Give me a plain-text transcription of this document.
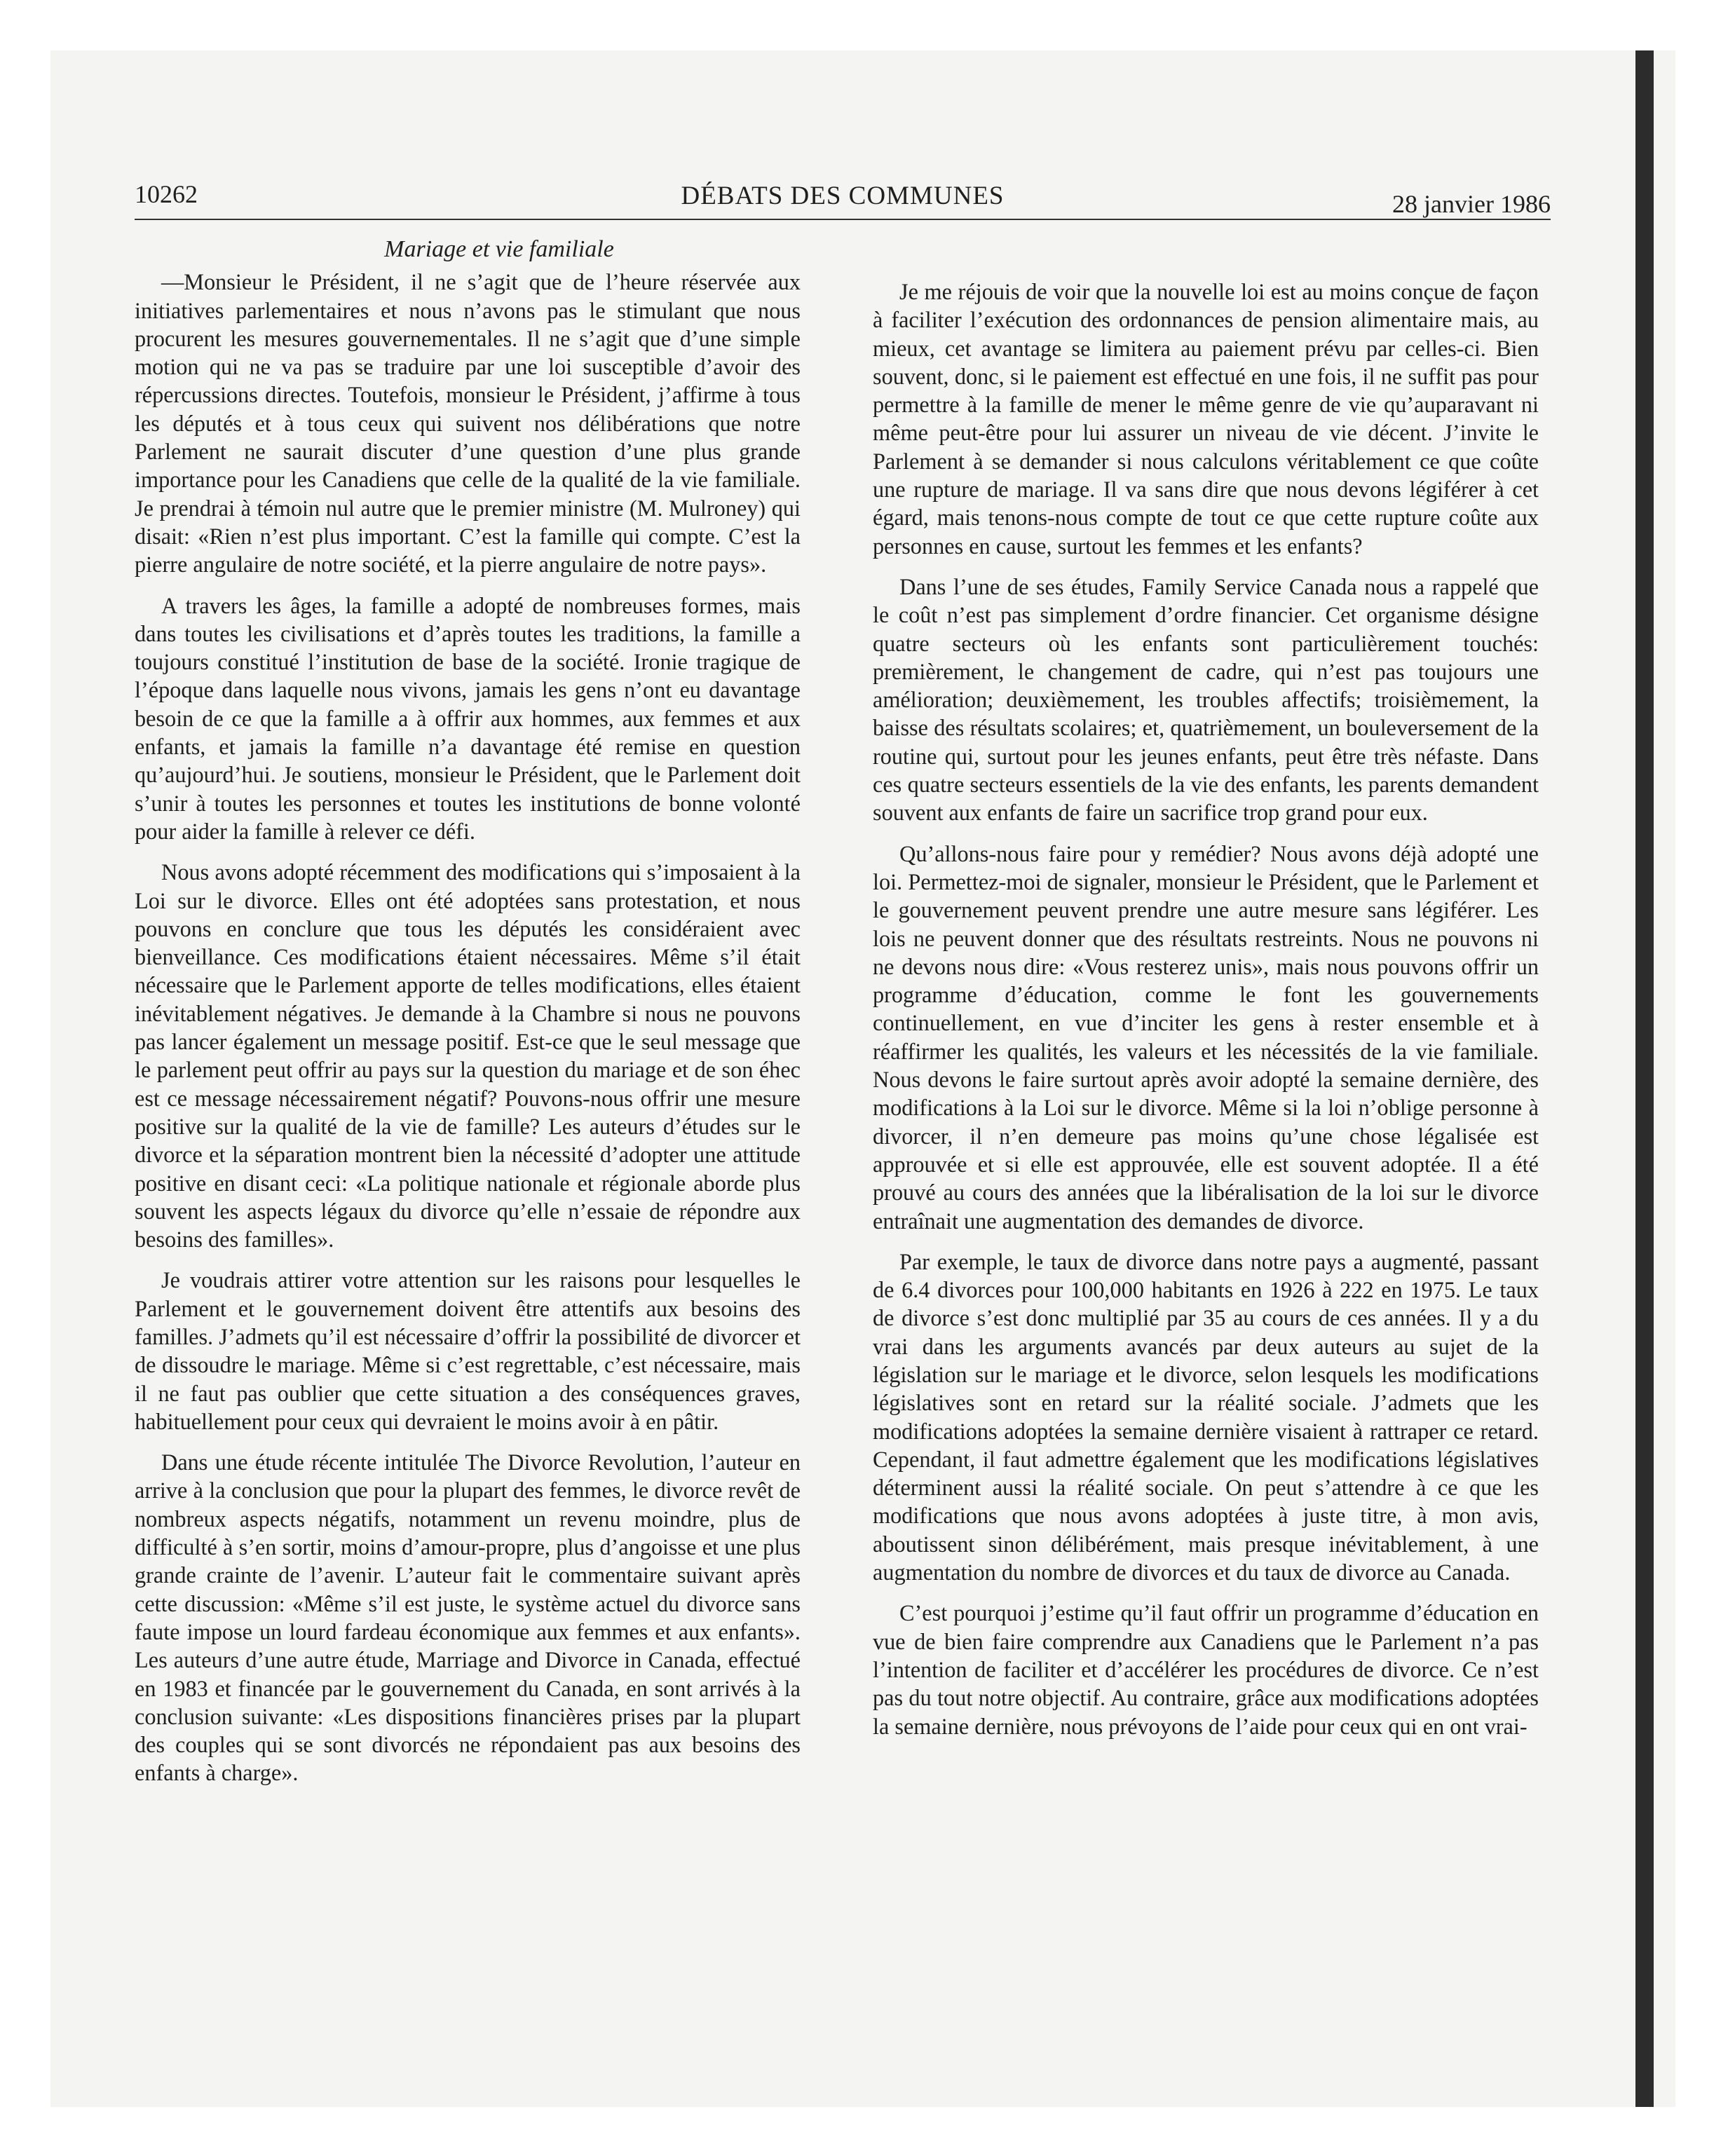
10262	DÉBATS DES COMMUNES	28 janvier 1986
Mariage et vie familiale

—Monsieur le Président, il ne s’agit que de l’heure réservée aux initiatives parlementaires et nous n’avons pas le stimulant que nous procurent les mesures gouvernementales. Il ne s’agit que d’une simple motion qui ne va pas se traduire par une loi susceptible d’avoir des répercussions directes. Toutefois, monsieur le Président, j’affirme à tous les députés et à tous ceux qui suivent nos délibérations que notre Parlement ne saurait discuter d’une question d’une plus grande importance pour les Canadiens que celle de la qualité de la vie familiale. Je prendrai à témoin nul autre que le premier ministre (M. Mulroney) qui disait: «Rien n’est plus important. C’est la famille qui compte. C’est la pierre angulaire de notre société, et la pierre angulaire de notre pays».

A travers les âges, la famille a adopté de nombreuses formes, mais dans toutes les civilisations et d’après toutes les traditions, la famille a toujours constitué l’institution de base de la société. Ironie tragique de l’époque dans laquelle nous vivons, jamais les gens n’ont eu davantage besoin de ce que la famille a à offrir aux hommes, aux femmes et aux enfants, et jamais la famille n’a davantage été remise en question qu’aujourd’hui. Je soutiens, monsieur le Président, que le Parlement doit s’unir à toutes les personnes et toutes les institutions de bonne volonté pour aider la famille à relever ce défi.

Nous avons adopté récemment des modifications qui s’imposaient à la Loi sur le divorce. Elles ont été adoptées sans protestation, et nous pouvons en conclure que tous les députés les considéraient avec bienveillance. Ces modifications étaient nécessaires. Même s’il était nécessaire que le Parlement apporte de telles modifications, elles étaient inévitablement négatives. Je demande à la Chambre si nous ne pouvons pas lancer également un message positif. Est-ce que le seul message que le parlement peut offrir au pays sur la question du mariage et de son éhec est ce message nécessairement négatif? Pouvons-nous offrir une mesure positive sur la qualité de la vie de famille? Les auteurs d’études sur le divorce et la séparation montrent bien la nécessité d’adopter une attitude positive en disant ceci: «La politique nationale et régionale aborde plus souvent les aspects légaux du divorce qu’elle n’essaie de répondre aux besoins des familles».

Je voudrais attirer votre attention sur les raisons pour lesquelles le Parlement et le gouvernement doivent être attentifs aux besoins des familles. J’admets qu’il est nécessaire d’offrir la possibilité de divorcer et de dissoudre le mariage. Même si c’est regrettable, c’est nécessaire, mais il ne faut pas oublier que cette situation a des conséquences graves, habituellement pour ceux qui devraient le moins avoir à en pâtir.

Dans une étude récente intitulée The Divorce Revolution, l’auteur en arrive à la conclusion que pour la plupart des femmes, le divorce revêt de nombreux aspects négatifs, notamment un revenu moindre, plus de difficulté à s’en sortir, moins d’amour-propre, plus d’angoisse et une plus grande crainte de l’avenir. L’auteur fait le commentaire suivant après cette discussion: «Même s’il est juste, le système actuel du divorce sans faute impose un lourd fardeau économique aux femmes et aux enfants». Les auteurs d’une autre étude, Marriage and Divorce in Canada, effectué en 1983 et financée par le gouvernement du Canada, en sont arrivés à la conclusion suivante: «Les dispositions financières prises par la plupart des couples qui se sont divorcés ne répondaient pas aux besoins des enfants à charge».

Je me réjouis de voir que la nouvelle loi est au moins conçue de façon à faciliter l’exécution des ordonnances de pension alimentaire mais, au mieux, cet avantage se limitera au paiement prévu par celles-ci. Bien souvent, donc, si le paiement est effectué en une fois, il ne suffit pas pour permettre à la famille de mener le même genre de vie qu’auparavant ni même peut-être pour lui assurer un niveau de vie décent. J’invite le Parlement à se demander si nous calculons véritablement ce que coûte une rupture de mariage. Il va sans dire que nous devons légiférer à cet égard, mais tenons-nous compte de tout ce que cette rupture coûte aux personnes en cause, surtout les femmes et les enfants?

Dans l’une de ses études, Family Service Canada nous a rappelé que le coût n’est pas simplement d’ordre financier. Cet organisme désigne quatre secteurs où les enfants sont particulièrement touchés: premièrement, le changement de cadre, qui n’est pas toujours une amélioration; deuxièmement, les troubles affectifs; troisièmement, la baisse des résultats scolaires; et, quatrièmement, un bouleversement de la routine qui, surtout pour les jeunes enfants, peut être très néfaste. Dans ces quatre secteurs essentiels de la vie des enfants, les parents demandent souvent aux enfants de faire un sacrifice trop grand pour eux.

Qu’allons-nous faire pour y remédier? Nous avons déjà adopté une loi. Permettez-moi de signaler, monsieur le Président, que le Parlement et le gouvernement peuvent prendre une autre mesure sans légiférer. Les lois ne peuvent donner que des résultats restreints. Nous ne pouvons ni ne devons nous dire: «Vous resterez unis», mais nous pouvons offrir un programme d’éducation, comme le font les gouvernements continuellement, en vue d’inciter les gens à rester ensemble et à réaffirmer les qualités, les valeurs et les nécessités de la vie familiale. Nous devons le faire surtout après avoir adopté la semaine dernière, des modifications à la Loi sur le divorce. Même si la loi n’oblige personne à divorcer, il n’en demeure pas moins qu’une chose légalisée est approuvée et si elle est approuvée, elle est souvent adoptée. Il a été prouvé au cours des années que la libéralisation de la loi sur le divorce entraînait une augmentation des demandes de divorce.

Par exemple, le taux de divorce dans notre pays a augmenté, passant de 6.4 divorces pour 100,000 habitants en 1926 à 222 en 1975. Le taux de divorce s’est donc multiplié par 35 au cours de ces années. Il y a du vrai dans les arguments avancés par deux auteurs au sujet de la législation sur le mariage et le divorce, selon lesquels les modifications législatives sont en retard sur la réalité sociale. J’admets que les modifications adoptées la semaine dernière visaient à rattraper ce retard. Cependant, il faut admettre également que les modifications législatives déterminent aussi la réalité sociale. On peut s’attendre à ce que les modifications que nous avons adoptées à juste titre, à mon avis, aboutissent sinon délibérément, mais presque inévitablement, à une augmentation du nombre de divorces et du taux de divorce au Canada.

C’est pourquoi j’estime qu’il faut offrir un programme d’éducation en vue de bien faire comprendre aux Canadiens que le Parlement n’a pas l’intention de faciliter et d’accélérer les procédures de divorce. Ce n’est pas du tout notre objectif. Au contraire, grâce aux modifications adoptées la semaine dernière, nous prévoyons de l’aide pour ceux qui en ont vrai-
